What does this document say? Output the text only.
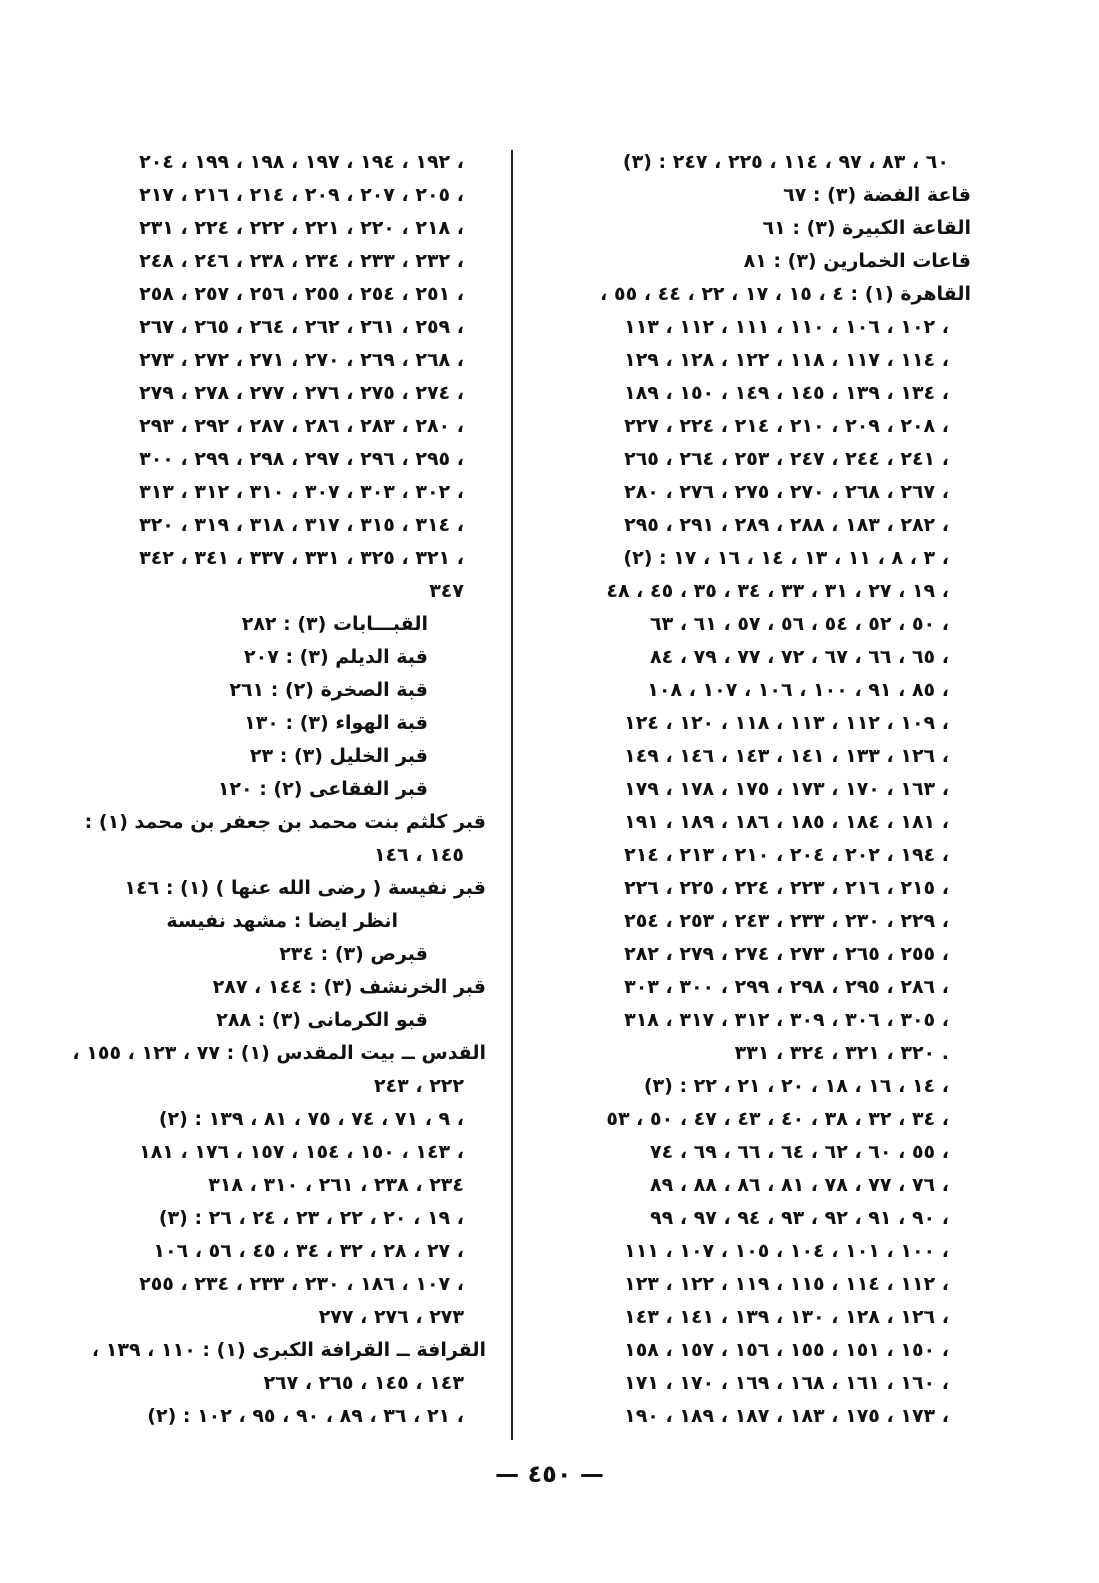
(٣) : ٦٠ ، ٨٣ ، ٩٧ ، ١١٤ ، ٢٢٥ ، ٢٤٧
قاعة الفضة (٣) : ٦٧
القاعة الكبيرة (٣) : ٦١
قاعات الخمارين (٣) : ٨١
القاهرة (١) : ٤ ، ١٥ ، ١٧ ، ٢٢ ، ٤٤ ، ٥٥ ،
١٠٢ ، ١٠٦ ، ١١٠ ، ١١١ ، ١١٢ ، ١١٣ ،
١١٤ ، ١١٧ ، ١١٨ ، ١٢٢ ، ١٢٨ ، ١٢٩ ،
١٣٤ ، ١٣٩ ، ١٤٥ ، ١٤٩ ، ١٥٠ ، ١٨٩ ،
٢٠٨ ، ٢٠٩ ، ٢١٠ ، ٢١٤ ، ٢٢٤ ، ٢٢٧ ،
٢٤١ ، ٢٤٤ ، ٢٤٧ ، ٢٥٣ ، ٢٦٤ ، ٢٦٥ ،
٢٦٧ ، ٢٦٨ ، ٢٧٠ ، ٢٧٥ ، ٢٧٦ ، ٢٨٠ ،
٢٨٢ ، ١٨٣ ، ٢٨٨ ، ٢٨٩ ، ٢٩١ ، ٢٩٥ ،
(٢) : ٣ ، ٨ ، ١١ ، ١٣ ، ١٤ ، ١٦ ، ١٧ ،
١٩ ، ٢٧ ، ٣١ ، ٣٣ ، ٣٤ ، ٣٥ ، ٤٥ ، ٤٨ ،
٥٠ ، ٥٢ ، ٥٤ ، ٥٦ ، ٥٧ ، ٦١ ، ٦٣ ،
٦٥ ، ٦٦ ، ٦٧ ، ٧٢ ، ٧٧ ، ٧٩ ، ٨٤ ،
٨٥ ، ٩١ ، ١٠٠ ، ١٠٦ ، ١٠٧ ، ١٠٨ ،
١٠٩ ، ١١٢ ، ١١٣ ، ١١٨ ، ١٢٠ ، ١٢٤ ،
١٢٦ ، ١٣٣ ، ١٤١ ، ١٤٣ ، ١٤٦ ، ١٤٩ ،
١٦٣ ، ١٧٠ ، ١٧٣ ، ١٧٥ ، ١٧٨ ، ١٧٩ ،
١٨١ ، ١٨٤ ، ١٨٥ ، ١٨٦ ، ١٨٩ ، ١٩١ ،
١٩٤ ، ٢٠٢ ، ٢٠٤ ، ٢١٠ ، ٢١٣ ، ٢١٤ ،
٢١٥ ، ٢١٦ ، ٢٢٣ ، ٢٢٤ ، ٢٢٥ ، ٢٢٦ ،
٢٢٩ ، ٢٣٠ ، ٢٣٣ ، ٢٤٣ ، ٢٥٣ ، ٢٥٤ ،
٢٥٥ ، ٢٦٥ ، ٢٧٣ ، ٢٧٤ ، ٢٧٩ ، ٢٨٢ ،
٢٨٦ ، ٢٩٥ ، ٢٩٨ ، ٢٩٩ ، ٣٠٠ ، ٣٠٣ ،
٣٠٥ ، ٣٠٦ ، ٣٠٩ ، ٣١٢ ، ٣١٧ ، ٣١٨ ،
٣٢٠ ، ٣٢١ ، ٣٢٤ ، ٣٣١ .
(٣) : ١٤ ، ١٦ ، ١٨ ، ٢٠ ، ٢١ ، ٢٢ ،
٣٤ ، ٣٢ ، ٣٨ ، ٤٠ ، ٤٣ ، ٤٧ ، ٥٠ ، ٥٣ ،
٥٥ ، ٦٠ ، ٦٢ ، ٦٤ ، ٦٦ ، ٦٩ ، ٧٤ ،
٧٦ ، ٧٧ ، ٧٨ ، ٨١ ، ٨٦ ، ٨٨ ، ٨٩ ،
٩٠ ، ٩١ ، ٩٢ ، ٩٣ ، ٩٤ ، ٩٧ ، ٩٩ ،
١٠٠ ، ١٠١ ، ١٠٤ ، ١٠٥ ، ١٠٧ ، ١١١ ،
١١٢ ، ١١٤ ، ١١٥ ، ١١٩ ، ١٢٢ ، ١٢٣ ،
١٢٦ ، ١٢٨ ، ١٣٠ ، ١٣٩ ، ١٤١ ، ١٤٣ ،
١٥٠ ، ١٥١ ، ١٥٥ ، ١٥٦ ، ١٥٧ ، ١٥٨ ،
١٦٠ ، ١٦١ ، ١٦٨ ، ١٦٩ ، ١٧٠ ، ١٧١ ،
١٧٣ ، ١٧٥ ، ١٨٣ ، ١٨٧ ، ١٨٩ ، ١٩٠ ،
١٩٢ ، ١٩٤ ، ١٩٧ ، ١٩٨ ، ١٩٩ ، ٢٠٤ ،
٢٠٥ ، ٢٠٧ ، ٢٠٩ ، ٢١٤ ، ٢١٦ ، ٢١٧ ،
٢١٨ ، ٢٢٠ ، ٢٢١ ، ٢٢٢ ، ٢٢٤ ، ٢٣١ ،
٢٣٢ ، ٢٣٣ ، ٢٣٤ ، ٢٣٨ ، ٢٤٦ ، ٢٤٨ ،
٢٥١ ، ٢٥٤ ، ٢٥٥ ، ٢٥٦ ، ٢٥٧ ، ٢٥٨ ،
٢٥٩ ، ٢٦١ ، ٢٦٢ ، ٢٦٤ ، ٢٦٥ ، ٢٦٧ ،
٢٦٨ ، ٢٦٩ ، ٢٧٠ ، ٢٧١ ، ٢٧٢ ، ٢٧٣ ،
٢٧٤ ، ٢٧٥ ، ٢٧٦ ، ٢٧٧ ، ٢٧٨ ، ٢٧٩ ،
٢٨٠ ، ٢٨٣ ، ٢٨٦ ، ٢٨٧ ، ٢٩٢ ، ٢٩٣ ،
٢٩٥ ، ٢٩٦ ، ٢٩٧ ، ٢٩٨ ، ٢٩٩ ، ٣٠٠ ،
٣٠٢ ، ٣٠٣ ، ٣٠٧ ، ٣١٠ ، ٣١٢ ، ٣١٣ ،
٣١٤ ، ٣١٥ ، ٣١٧ ، ٣١٨ ، ٣١٩ ، ٣٢٠ ،
٣٢١ ، ٣٢٥ ، ٣٣١ ، ٣٣٧ ، ٣٤١ ، ٣٤٢ ،
٣٤٧
القبـــابات (٣) : ٢٨٢
قبة الديلم (٣) : ٢٠٧
قبة الصخرة (٢) : ٢٦١
قبة الهواء (٣) : ١٣٠
قبر الخليل (٣) : ٢٣
قبر الفقاعى (٢) : ١٢٠
قبر كلثم بنت محمد بن جعفر بن محمد (١) :
١٤٥ ، ١٤٦
قبر نفيسة ( رضى الله عنها ) (١) : ١٤٦
انظر ايضا : مشهد نفيسة
قبرص (٣) : ٢٣٤
قبر الخرنشف (٣) : ١٤٤ ، ٢٨٧
قبو الكرمانى (٣) : ٢٨٨
القدس ــ بيت المقدس (١) : ٧٧ ، ١٢٣ ، ١٥٥ ،
٢٢٢ ، ٢٤٣
(٢) : ٩ ، ٧١ ، ٧٤ ، ٧٥ ، ٨١ ، ١٣٩ ،
١٤٣ ، ١٥٠ ، ١٥٤ ، ١٥٧ ، ١٧٦ ، ١٨١ ،
٢٣٤ ، ٢٣٨ ، ٢٦١ ، ٣١٠ ، ٣١٨
(٣) : ١٩ ، ٢٠ ، ٢٢ ، ٢٣ ، ٢٤ ، ٢٦ ،
٢٧ ، ٢٨ ، ٣٢ ، ٣٤ ، ٤٥ ، ٥٦ ، ١٠٦ ،
١٠٧ ، ١٨٦ ، ٢٣٠ ، ٢٣٣ ، ٢٣٤ ، ٢٥٥ ،
٢٧٣ ، ٢٧٦ ، ٢٧٧
القرافة ــ القرافة الكبرى (١) : ١١٠ ، ١٣٩ ،
١٤٣ ، ١٤٥ ، ٢٦٥ ، ٢٦٧
(٢) : ٢١ ، ٣٦ ، ٨٩ ، ٩٠ ، ٩٥ ، ١٠٢ ،
— ٤٥٠ —
